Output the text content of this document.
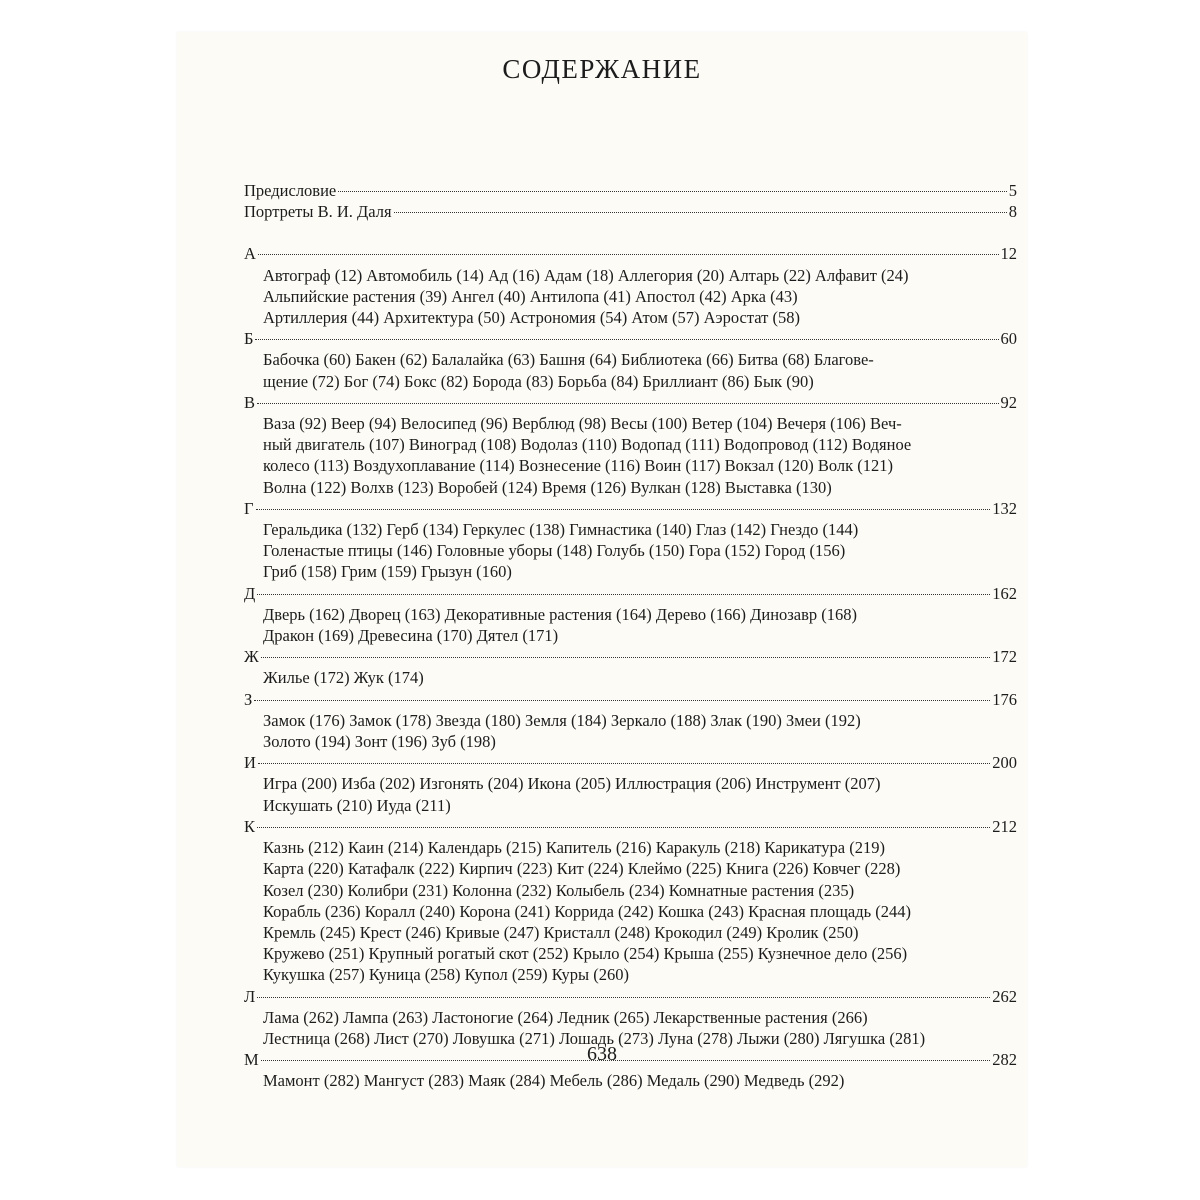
СОДЕРЖАНИЕ
Предисловие	5
Портреты В. И. Даля	8
А	12
Автограф (12) Автомобиль (14) Ад (16) Адам (18) Аллегория (20) Алтарь (22) Алфавит (24)
Альпийские растения (39) Ангел (40) Антилопа (41) Апостол (42) Арка (43)
Артиллерия (44) Архитектура (50) Астрономия (54) Атом (57) Аэростат (58)
Б	60
Бабочка (60) Бакен (62) Балалайка (63) Башня (64) Библиотека (66) Битва (68) Благове-
щение (72) Бог (74) Бокс (82) Борода (83) Борьба (84) Бриллиант (86) Бык (90)
В	92
Ваза (92) Веер (94) Велосипед (96) Верблюд (98) Весы (100) Ветер (104) Вечеря (106) Веч-
ный двигатель (107) Виноград (108) Водолаз (110) Водопад (111) Водопровод (112) Водяное
колесо (113) Воздухоплавание (114) Вознесение (116) Воин (117) Вокзал (120) Волк (121)
Волна (122) Волхв (123) Воробей (124) Время (126) Вулкан (128) Выставка (130)
Г	132
Геральдика (132) Герб (134) Геркулес (138) Гимнастика (140) Глаз (142) Гнездо (144)
Голенастые птицы (146) Головные уборы (148) Голубь (150) Гора (152) Город (156)
Гриб (158) Грим (159) Грызун (160)
Д	162
Дверь (162) Дворец (163) Декоративные растения (164) Дерево (166) Динозавр (168)
Дракон (169) Древесина (170) Дятел (171)
Ж	172
Жилье (172) Жук (174)
З	176
Замок (176) Замок (178) Звезда (180) Земля (184) Зеркало (188) Злак (190) Змеи (192)
Золото (194) Зонт (196) Зуб (198)
И	200
Игра (200) Изба (202) Изгонять (204) Икона (205) Иллюстрация (206) Инструмент (207)
Искушать (210) Иуда (211)
К	212
Казнь (212) Каин (214) Календарь (215) Капитель (216) Каракуль (218) Карикатура (219)
Карта (220) Катафалк (222) Кирпич (223) Кит (224) Клеймо (225) Книга (226) Ковчег (228)
Козел (230) Колибри (231) Колонна (232) Колыбель (234) Комнатные растения (235)
Корабль (236) Коралл (240) Корона (241) Коррида (242) Кошка (243) Красная площадь (244)
Кремль (245) Крест (246) Кривые (247) Кристалл (248) Крокодил (249) Кролик (250)
Кружево (251) Крупный рогатый скот (252) Крыло (254) Крыша (255) Кузнечное дело (256)
Кукушка (257) Куница (258) Купол (259) Куры (260)
Л	262
Лама (262) Лампа (263) Ластоногие (264) Ледник (265) Лекарственные растения (266)
Лестница (268) Лист (270) Ловушка (271) Лошадь (273) Луна (278) Лыжи (280) Лягушка (281)
М	282
Мамонт (282) Мангуст (283) Маяк (284) Мебель (286) Медаль (290) Медведь (292)
638
